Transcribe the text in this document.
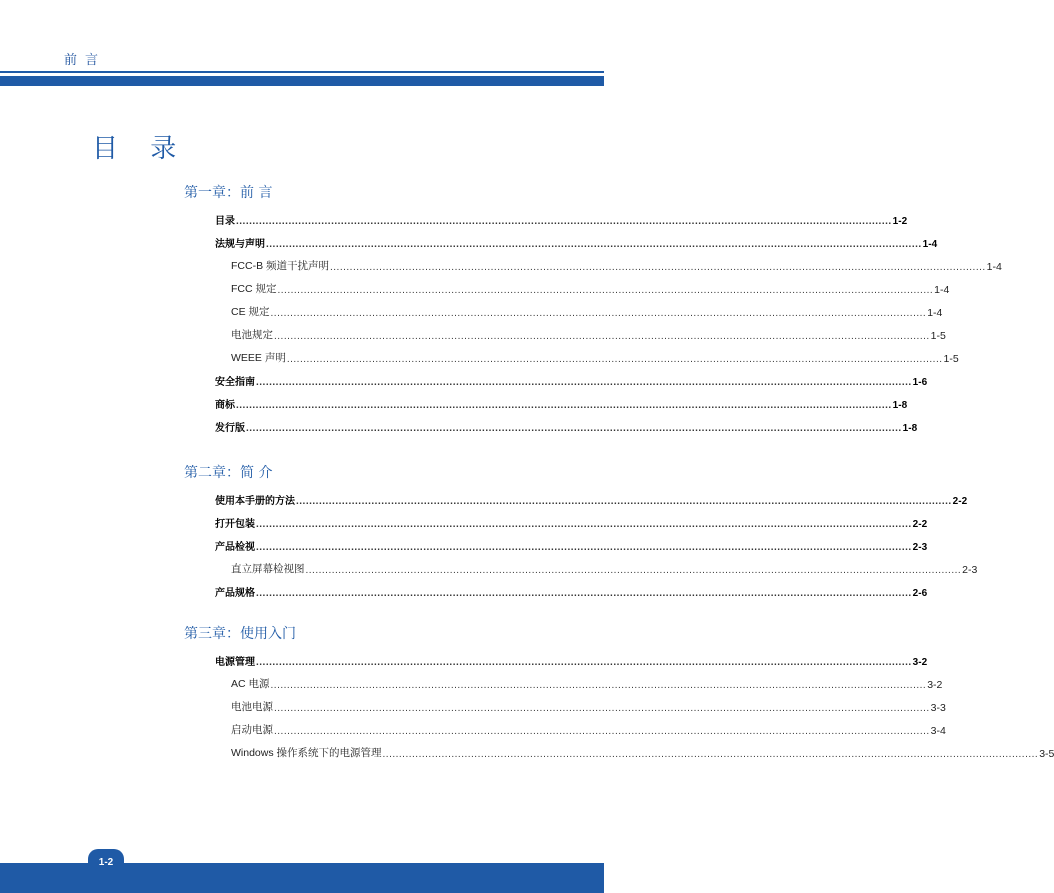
前言
目 录
第一章：前 言
目录 ........................................................................................................................................................................................................ 1-2
法规与声明 ........................................................................................................................................................................................................ 1-4
FCC-B 频道干扰声明 ........................................................................................................................................................................................................ 1-4
FCC 规定 ........................................................................................................................................................................................................ 1-4
CE 规定 ........................................................................................................................................................................................................ 1-4
电池规定 ........................................................................................................................................................................................................ 1-5
WEEE 声明 ........................................................................................................................................................................................................ 1-5
安全指南 ........................................................................................................................................................................................................ 1-6
商标 ........................................................................................................................................................................................................ 1-8
发行版 ........................................................................................................................................................................................................ 1-8
第二章：简 介
使用本手册的方法 ........................................................................................................................................................................................................ 2-2
打开包装 ........................................................................................................................................................................................................ 2-2
产品检视 ........................................................................................................................................................................................................ 2-3
直立屏幕检视图 ........................................................................................................................................................................................................ 2-3
产品规格 ........................................................................................................................................................................................................ 2-6
第三章：使用入门
电源管理 ........................................................................................................................................................................................................ 3-2
AC 电源 ........................................................................................................................................................................................................ 3-2
电池电源 ........................................................................................................................................................................................................ 3-3
启动电源 ........................................................................................................................................................................................................ 3-4
Windows 操作系统下的电源管理 ........................................................................................................................................................................................................ 3-5
1-2
